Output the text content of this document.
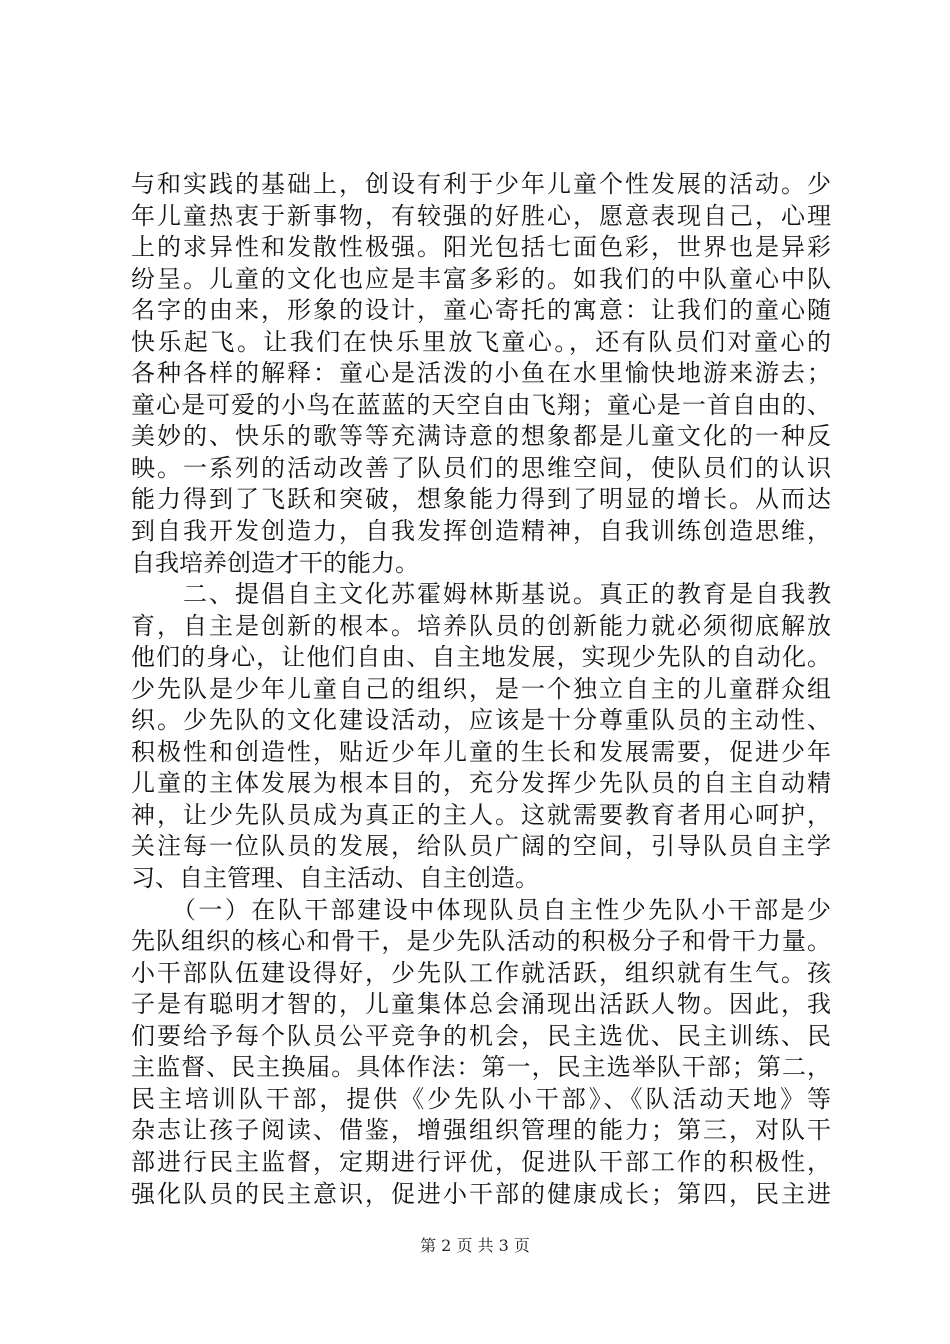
与和实践的基础上，创设有利于少年儿童个性发展的活动。少
年儿童热衷于新事物，有较强的好胜心，愿意表现自己，心理
上的求异性和发散性极强。阳光包括七面色彩，世界也是异彩
纷呈。儿童的文化也应是丰富多彩的。如我们的中队童心中队
名字的由来，形象的设计，童心寄托的寓意：让我们的童心随
快乐起飞。让我们在快乐里放飞童心。，还有队员们对童心的
各种各样的解释：童心是活泼的小鱼在水里愉快地游来游去；
童心是可爱的小鸟在蓝蓝的天空自由飞翔；童心是一首自由的、
美妙的、快乐的歌等等充满诗意的想象都是儿童文化的一种反
映。一系列的活动改善了队员们的思维空间，使队员们的认识
能力得到了飞跃和突破，想象能力得到了明显的增长。从而达
到自我开发创造力，自我发挥创造精神，自我训练创造思维，
自我培养创造才干的能力。
　　二、提倡自主文化苏霍姆林斯基说。真正的教育是自我教
育，自主是创新的根本。培养队员的创新能力就必须彻底解放
他们的身心，让他们自由、自主地发展，实现少先队的自动化。
少先队是少年儿童自己的组织，是一个独立自主的儿童群众组
织。少先队的文化建设活动，应该是十分尊重队员的主动性、
积极性和创造性，贴近少年儿童的生长和发展需要，促进少年
儿童的主体发展为根本目的，充分发挥少先队员的自主自动精
神，让少先队员成为真正的主人。这就需要教育者用心呵护，
关注每一位队员的发展，给队员广阔的空间，引导队员自主学
习、自主管理、自主活动、自主创造。
　　（一）在队干部建设中体现队员自主性少先队小干部是少
先队组织的核心和骨干，是少先队活动的积极分子和骨干力量。
小干部队伍建设得好，少先队工作就活跃，组织就有生气。孩
子是有聪明才智的，儿童集体总会涌现出活跃人物。因此，我
们要给予每个队员公平竞争的机会，民主选优、民主训练、民
主监督、民主换届。具体作法：第一，民主选举队干部；第二，
民主培训队干部，提供《少先队小干部》、《队活动天地》等
杂志让孩子阅读、借鉴，增强组织管理的能力；第三，对队干
部进行民主监督，定期进行评优，促进队干部工作的积极性，
强化队员的民主意识，促进小干部的健康成长；第四，民主进
第 2 页 共 3 页
